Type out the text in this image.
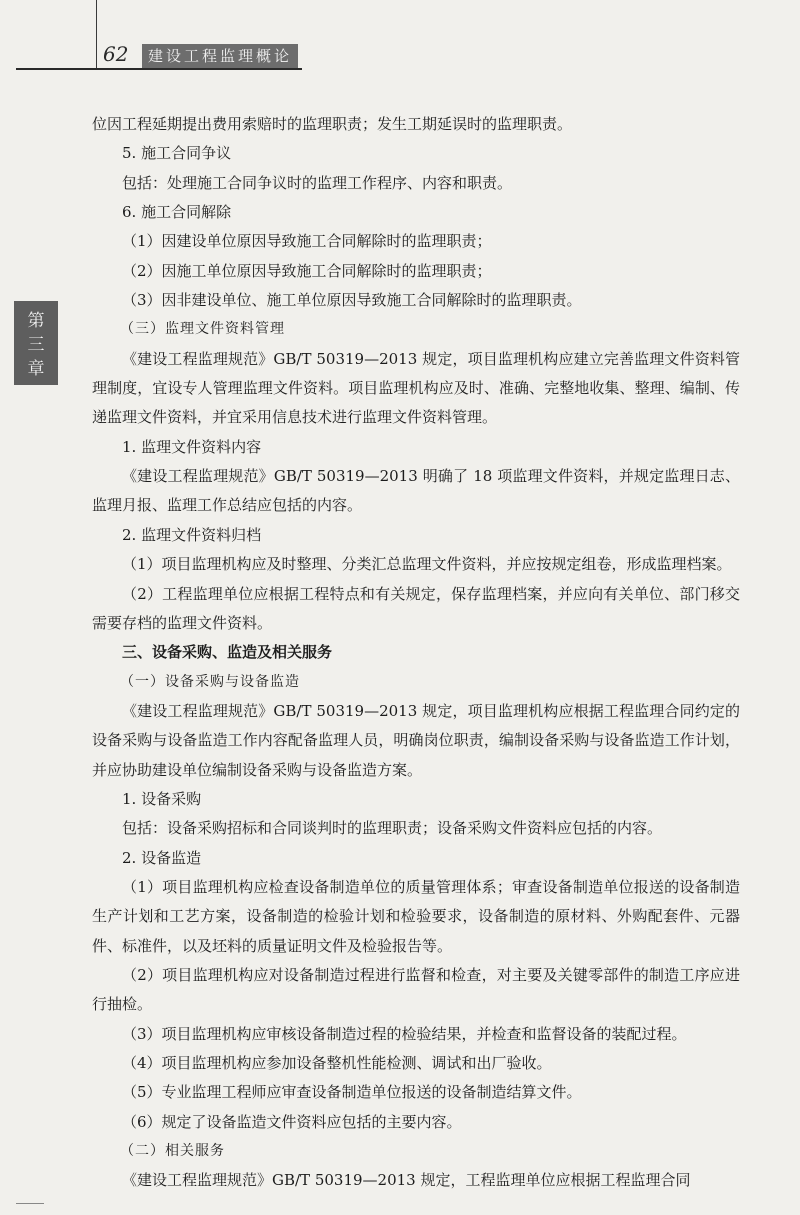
62	建设工程监理概论
第
三
章

位因工程延期提出费用索赔时的监理职责；发生工期延误时的监理职责。

5. 施工合同争议

包括：处理施工合同争议时的监理工作程序、内容和职责。

6. 施工合同解除

（1）因建设单位原因导致施工合同解除时的监理职责；

（2）因施工单位原因导致施工合同解除时的监理职责；

（3）因非建设单位、施工单位原因导致施工合同解除时的监理职责。

（三）监理文件资料管理

《建设工程监理规范》GB/T 50319—2013 规定，项目监理机构应建立完善监理文件资料管理制度，宜设专人管理监理文件资料。项目监理机构应及时、准确、完整地收集、整理、编制、传递监理文件资料，并宜采用信息技术进行监理文件资料管理。

1. 监理文件资料内容

《建设工程监理规范》GB/T 50319—2013 明确了 18 项监理文件资料，并规定监理日志、监理月报、监理工作总结应包括的内容。

2. 监理文件资料归档

（1）项目监理机构应及时整理、分类汇总监理文件资料，并应按规定组卷，形成监理档案。

（2）工程监理单位应根据工程特点和有关规定，保存监理档案，并应向有关单位、部门移交需要存档的监理文件资料。

三、设备采购、监造及相关服务

（一）设备采购与设备监造

《建设工程监理规范》GB/T 50319—2013 规定，项目监理机构应根据工程监理合同约定的设备采购与设备监造工作内容配备监理人员，明确岗位职责，编制设备采购与设备监造工作计划，并应协助建设单位编制设备采购与设备监造方案。

1. 设备采购

包括：设备采购招标和合同谈判时的监理职责；设备采购文件资料应包括的内容。

2. 设备监造

（1）项目监理机构应检查设备制造单位的质量管理体系；审查设备制造单位报送的设备制造生产计划和工艺方案，设备制造的检验计划和检验要求，设备制造的原材料、外购配套件、元器件、标准件，以及坯料的质量证明文件及检验报告等。

（2）项目监理机构应对设备制造过程进行监督和检查，对主要及关键零部件的制造工序应进行抽检。

（3）项目监理机构应审核设备制造过程的检验结果，并检查和监督设备的装配过程。

（4）项目监理机构应参加设备整机性能检测、调试和出厂验收。

（5）专业监理工程师应审查设备制造单位报送的设备制造结算文件。

（6）规定了设备监造文件资料应包括的主要内容。

（二）相关服务

《建设工程监理规范》GB/T 50319—2013 规定，工程监理单位应根据工程监理合同
